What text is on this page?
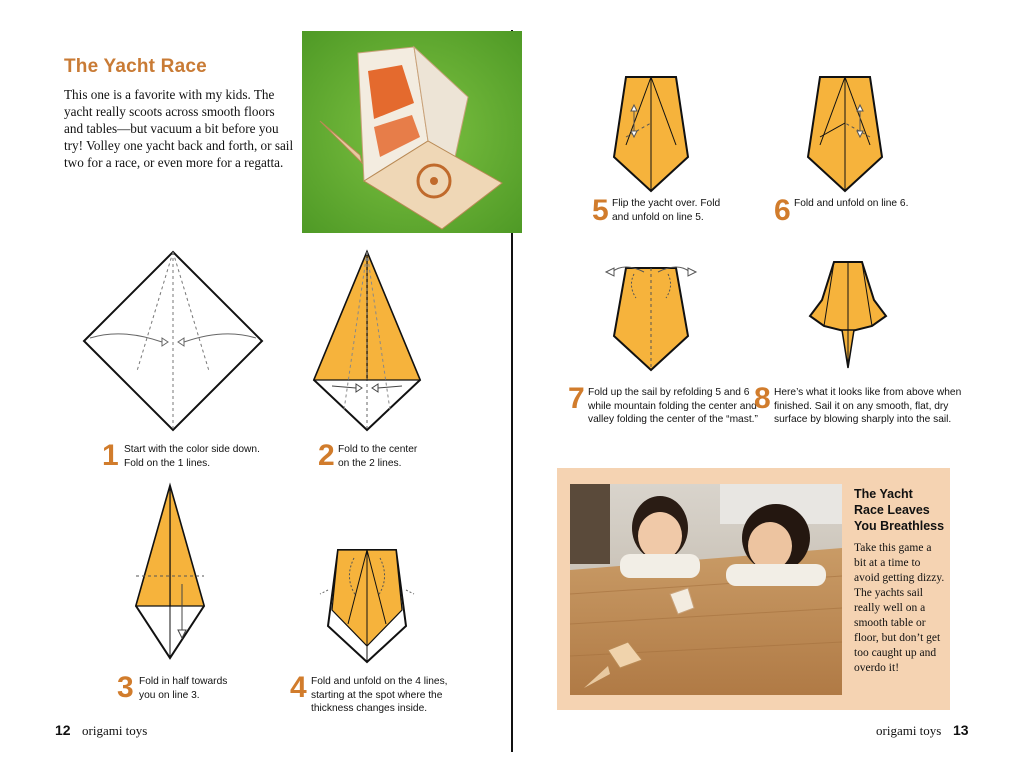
The Yacht Race
This one is a favorite with my kids. The yacht really scoots across smooth floors and tables—but vacuum a bit before you try! Volley one yacht back and forth, or sail two for a race, or even more for a regatta.
1 Start with the color side down.
Fold on the 1 lines.	2 Fold to the center
on the 2 lines.
3 Fold in half towards
you on line 3.	4 Fold and unfold on the 4 lines,
starting at the spot where the
thickness changes inside.
12 origami toys
5 Flip the yacht over. Fold
and unfold on line 5.	6 Fold and unfold on line 6.
7 Fold up the sail by refolding 5 and 6
while mountain folding the center and
valley folding the center of the “mast.”
8 Here’s what it looks like from above when
finished. Sail it on any smooth, flat, dry
surface by blowing sharply into the sail.
The Yacht
Race Leaves
You Breathless
Take this game a bit at a time to avoid getting dizzy. The yachts sail really well on a smooth table or floor, but don’t get too caught up and overdo it!
origami toys 13
